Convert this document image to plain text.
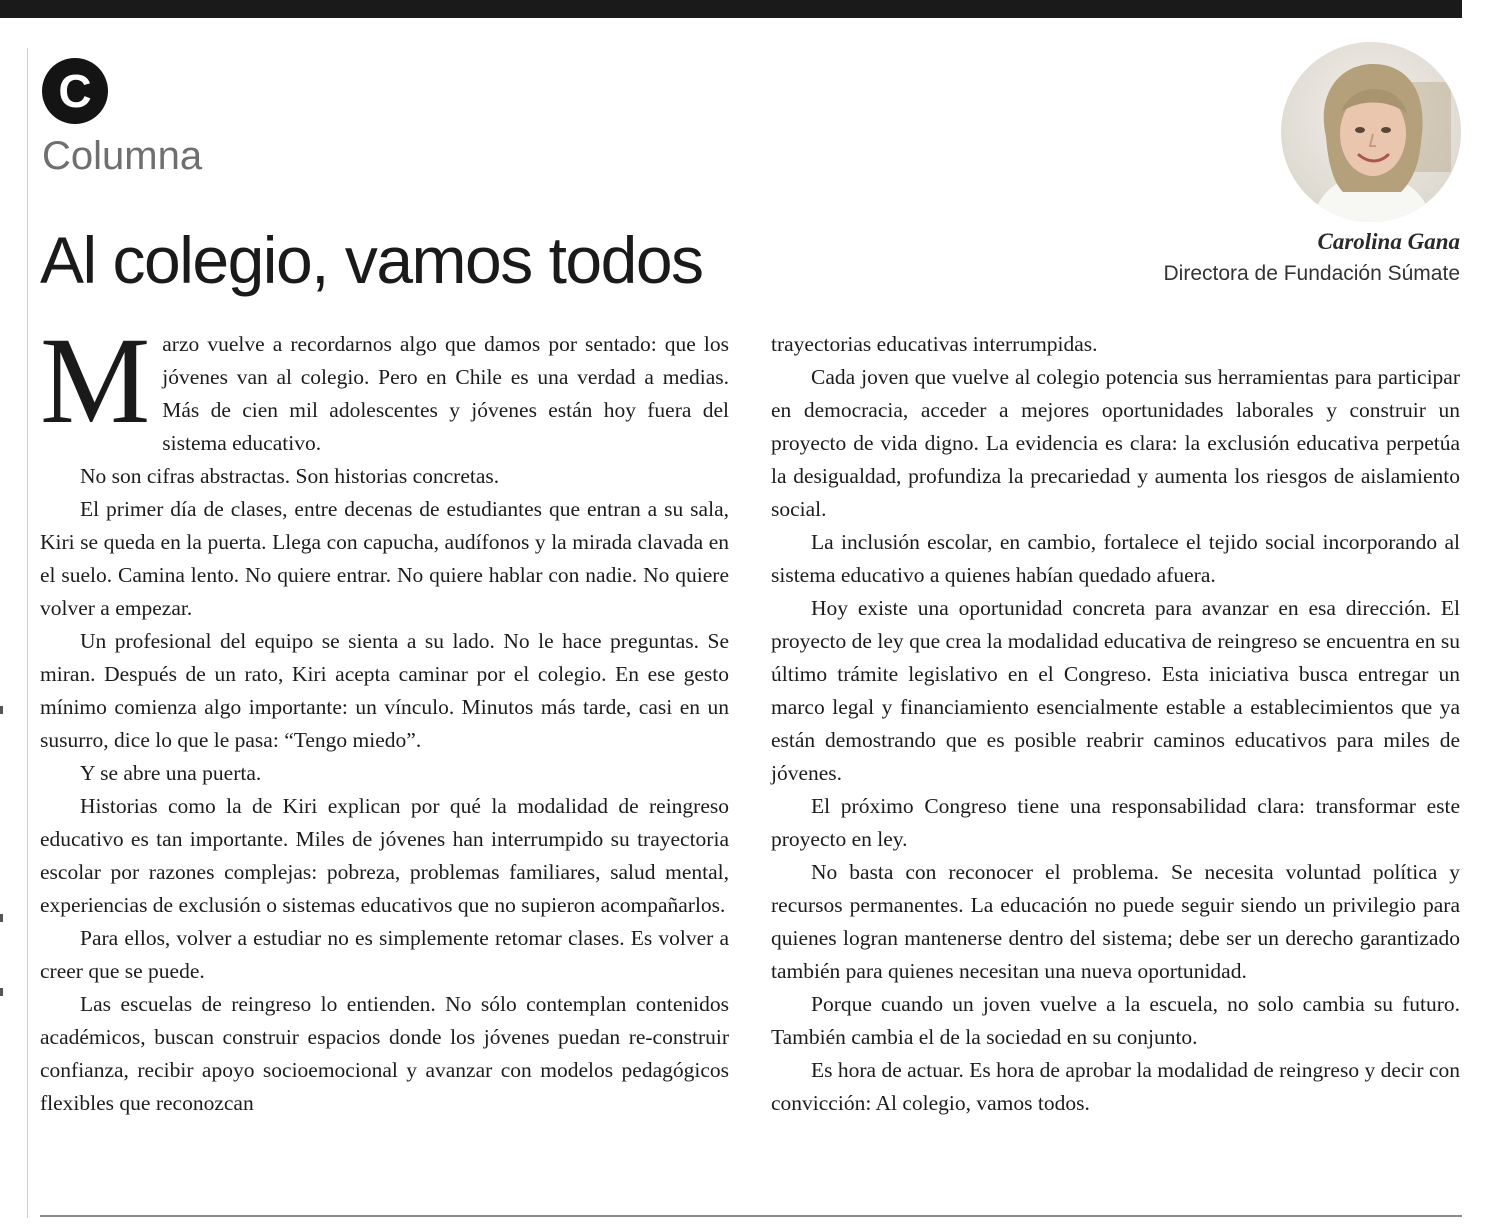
C
Columna
Al colegio, vamos todos	Carolina Gana
Directora de Fundación Súmate

Marzo vuelve a recordarnos algo que damos por sentado: que los jóvenes van al colegio. Pero en Chile es una verdad a medias. Más de cien mil adolescentes y jóvenes están hoy fuera del sistema educativo.

No son cifras abstractas. Son historias concretas.

El primer día de clases, entre decenas de estudiantes que entran a su sala, Kiri se queda en la puerta. Llega con capucha, audífonos y la mirada clavada en el suelo. Camina lento. No quiere entrar. No quiere hablar con nadie. No quiere volver a empezar.

Un profesional del equipo se sienta a su lado. No le hace preguntas. Se miran. Después de un rato, Kiri acepta caminar por el colegio. En ese gesto mínimo comienza algo importante: un vínculo. Minutos más tarde, casi en un susurro, dice lo que le pasa: “Tengo miedo”.

Y se abre una puerta.

Historias como la de Kiri explican por qué la modalidad de reingreso educativo es tan importante. Miles de jóvenes han interrumpido su trayectoria escolar por razones complejas: pobreza, problemas familiares, salud mental, experiencias de exclusión o sistemas educativos que no supieron acompañarlos.

Para ellos, volver a estudiar no es simplemente retomar clases. Es volver a creer que se puede.

Las escuelas de reingreso lo entienden. No sólo contemplan contenidos académicos, buscan construir espacios donde los jóvenes puedan re-construir confianza, recibir apoyo socioemocional y avanzar con modelos pedagógicos flexibles que reconozcan

trayectorias educativas interrumpidas.

Cada joven que vuelve al colegio potencia sus herramientas para participar en democracia, acceder a mejores oportunidades laborales y construir un proyecto de vida digno. La evidencia es clara: la exclusión educativa perpetúa la desigualdad, profundiza la precariedad y aumenta los riesgos de aislamiento social.

La inclusión escolar, en cambio, fortalece el tejido social incorporando al sistema educativo a quienes habían quedado afuera.

Hoy existe una oportunidad concreta para avanzar en esa dirección. El proyecto de ley que crea la modalidad educativa de reingreso se encuentra en su último trámite legislativo en el Congreso. Esta iniciativa busca entregar un marco legal y financiamiento esencialmente estable a establecimientos que ya están demostrando que es posible reabrir caminos educativos para miles de jóvenes.

El próximo Congreso tiene una responsabilidad clara: transformar este proyecto en ley.

No basta con reconocer el problema. Se necesita voluntad política y recursos permanentes. La educación no puede seguir siendo un privilegio para quienes logran mantenerse dentro del sistema; debe ser un derecho garantizado también para quienes necesitan una nueva oportunidad.

Porque cuando un joven vuelve a la escuela, no solo cambia su futuro. También cambia el de la sociedad en su conjunto.

Es hora de actuar. Es hora de aprobar la modalidad de reingreso y decir con convicción: Al colegio, vamos todos.
